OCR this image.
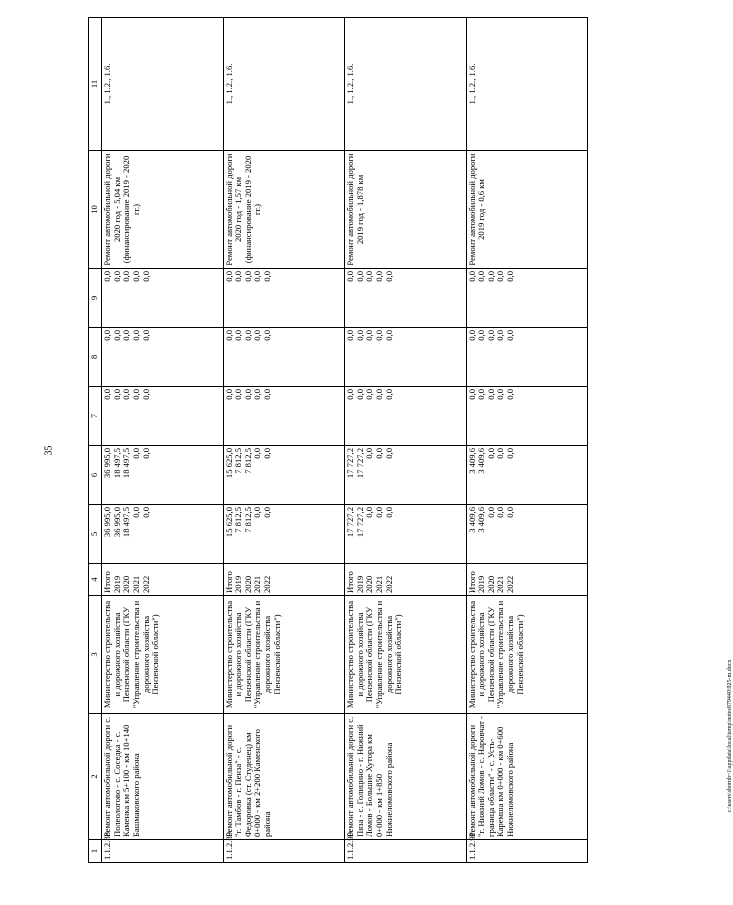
35
c:\users\sbornb~1\appdata\local\temp\notes879440\925-m.docx
1	2	3	4	5	6	7	8	9	10	11
1.1.2.88.	Ремонт автомобильной дороги с. Полеологово - с. Соседка - с. Каменка км 5+100 - км 10+140 Башмаковского района	Министерство строительства и дорожного хозяйства Пензенской области (ГКУ "Управление строительства и дорожного хозяйства Пензенской области")	Итого 2019 2020 2021 2022	36 995,0 36 995,0 18 497,5 0,0 0,0	36 995,0 18 497,5 18 497,5 0,0 0,0	0,0 0,0 0,0 0,0 0,0	0,0 0,0 0,0 0,0 0,0	0,0 0,0 0,0 0,0 0,0	Ремонт автомобильной дороги 2020 год - 5,04 км (финансирование 2019 - 2020 гг.)	1., 1.2., 1.6.
1.1.2.89.	Ремонт автомобильной дороги "г. Тамбов - г. Пенза" - с. Федоровка (ст. Студенец) км 0+000 - км 2+200 Каменского района	Министерство строительства и дорожного хозяйства Пензенской области (ГКУ "Управление строительства и дорожного хозяйства Пензенской области")	Итого 2019 2020 2021 2022	15 625,0 7 812,5 7 812,5 0,0 0,0	15 625,0 7 812,5 7 812,5 0,0 0,0	0,0 0,0 0,0 0,0 0,0	0,0 0,0 0,0 0,0 0,0	0,0 0,0 0,0 0,0 0,0	Ремонт автомобильной дороги 2020 год - 1,57 км (финансирование 2019 - 2020 гг.)	1., 1.2., 1.6.
1.1.2.90.	Ремонт автомобильной дороги с. Пяза - с. Голицино - г. Нижний Ломов - Большие Хутора км 0+000 - км 1+850 Нижнеломовского района	Министерство строительства и дорожного хозяйства Пензенской области (ГКУ "Управление строительства и дорожного хозяйства Пензенской области")	Итого 2019 2020 2021 2022	17 727,2 17 727,2 0,0 0,0 0,0	17 727,2 17 727,2 0,0 0,0 0,0	0,0 0,0 0,0 0,0 0,0	0,0 0,0 0,0 0,0 0,0	0,0 0,0 0,0 0,0 0,0	Ремонт автомобильной дороги 2019 год - 1,878 км	1., 1.2., 1.6.
1.1.2.91.	Ремонт автомобильной дороги "г. Нижний Ломов - с. Наровчат - граница области" - с. Усть-Каремша км 0+000 - км 0+600 Нижнеломовского района	Министерство строительства и дорожного хозяйства Пензенской области (ГКУ "Управление строительства и дорожного хозяйства Пензенской области")	Итого 2019 2020 2021 2022	3 409,6 3 409,6 0,0 0,0 0,0	3 409,6 3 409,6 0,0 0,0 0,0	0,0 0,0 0,0 0,0 0,0	0,0 0,0 0,0 0,0 0,0	0,0 0,0 0,0 0,0 0,0	Ремонт автомобильной дороги 2019 год - 0,6 км	1., 1.2., 1.6.
